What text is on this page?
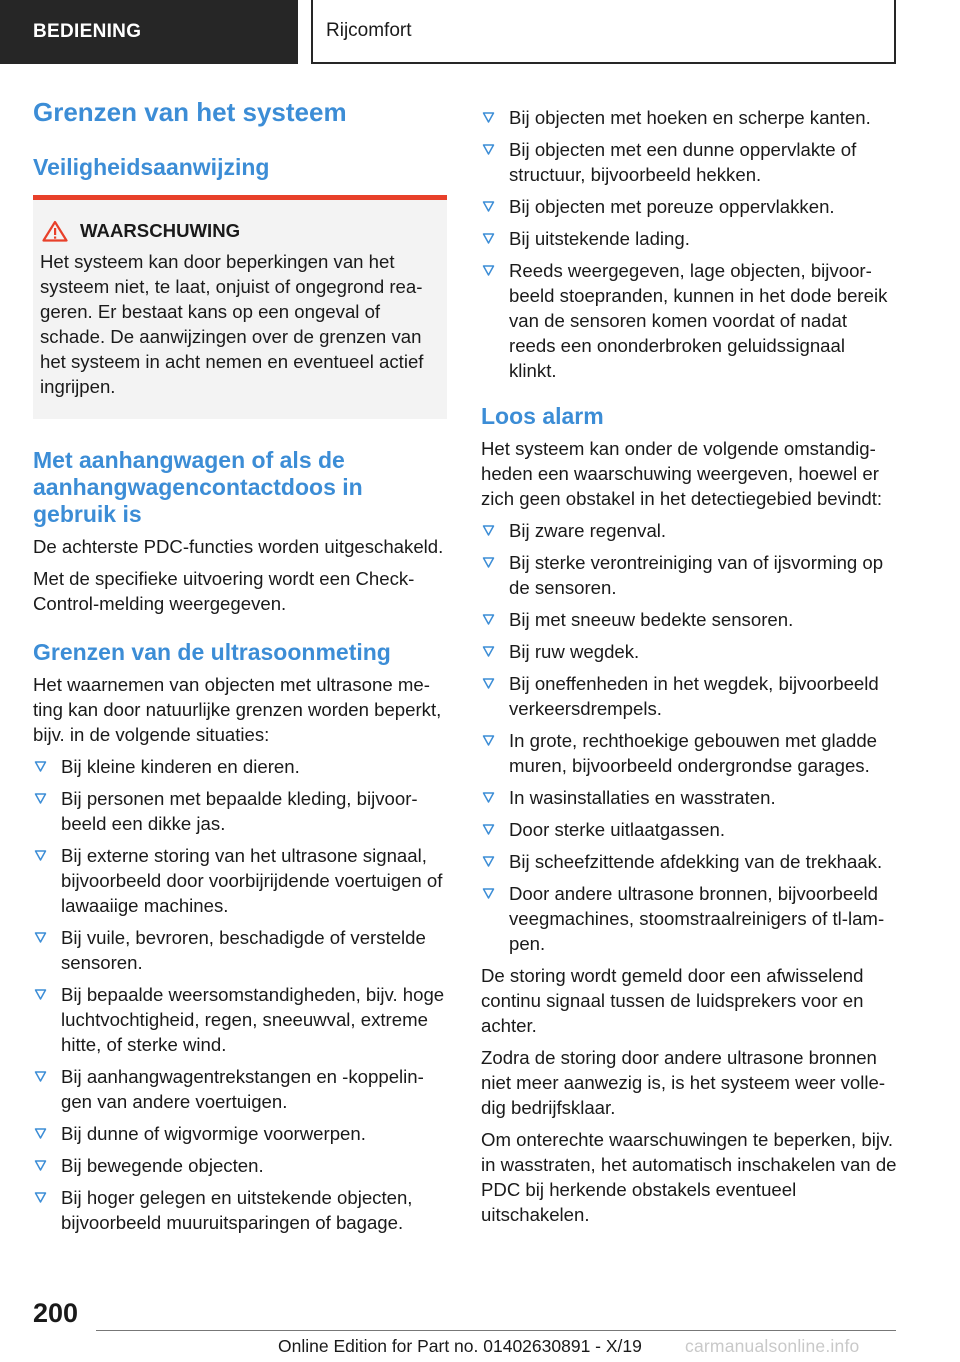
BEDIENING	Rijcomfort
Grenzen van het systeem
Veiligheidsaanwijzing
WAARSCHUWING

Het systeem kan door beperkingen van het systeem niet, te laat, onjuist of ongegrond reageren. Er bestaat kans op een ongeval of schade. De aanwijzingen over de grenzen van het systeem in acht nemen en eventueel actief ingrijpen.

Met aanhangwagen of als de aanhangwagencontactdoos in gebruik is

De achterste PDC-functies worden uitgeschakeld.

Met de specifieke uitvoering wordt een Check-Control-melding weergegeven.

Grenzen van de ultrasoonmeting

Het waarnemen van objecten met ultrasone meting kan door natuurlijke grenzen worden beperkt, bijv. in de volgende situaties:

Bij kleine kinderen en dieren.
Bij personen met bepaalde kleding, bijvoorbeeld een dikke jas.
Bij externe storing van het ultrasone signaal, bijvoorbeeld door voorbijrijdende voertuigen of lawaaiige machines.
Bij vuile, bevroren, beschadigde of verstelde sensoren.
Bij bepaalde weersomstandigheden, bijv. hoge luchtvochtigheid, regen, sneeuwval, extreme hitte, of sterke wind.
Bij aanhangwagentrekstangen en -koppelingen van andere voertuigen.
Bij dunne of wigvormige voorwerpen.
Bij bewegende objecten.
Bij hoger gelegen en uitstekende objecten, bijvoorbeeld muuruitsparingen of bagage.
Bij objecten met hoeken en scherpe kanten.
Bij objecten met een dunne oppervlakte of structuur, bijvoorbeeld hekken.
Bij objecten met poreuze oppervlakken.
Bij uitstekende lading.
Reeds weergegeven, lage objecten, bijvoorbeeld stoepranden, kunnen in het dode bereik van de sensoren komen voordat of nadat reeds een ononderbroken geluidssignaal klinkt.
Loos alarm

Het systeem kan onder de volgende omstandigheden een waarschuwing weergeven, hoewel er zich geen obstakel in het detectiegebied bevindt:

Bij zware regenval.
Bij sterke verontreiniging van of ijsvorming op de sensoren.
Bij met sneeuw bedekte sensoren.
Bij ruw wegdek.
Bij oneffenheden in het wegdek, bijvoorbeeld verkeersdrempels.
In grote, rechthoekige gebouwen met gladde muren, bijvoorbeeld ondergrondse garages.
In wasinstallaties en wasstraten.
Door sterke uitlaatgassen.
Bij scheefzittende afdekking van de trekhaak.
Door andere ultrasone bronnen, bijvoorbeeld veegmachines, stoomstraalreinigers of tl-lampen.

De storing wordt gemeld door een afwisselend continu signaal tussen de luidsprekers voor en achter.

Zodra de storing door andere ultrasone bronnen niet meer aanwezig is, is het systeem weer volledig bedrijfsklaar.

Om onterechte waarschuwingen te beperken, bijv. in wasstraten, het automatisch inschakelen van de PDC bij herkende obstakels eventueel uitschakelen.

200
Online Edition for Part no. 01402630891 - X/19 carmanualsonline.info
